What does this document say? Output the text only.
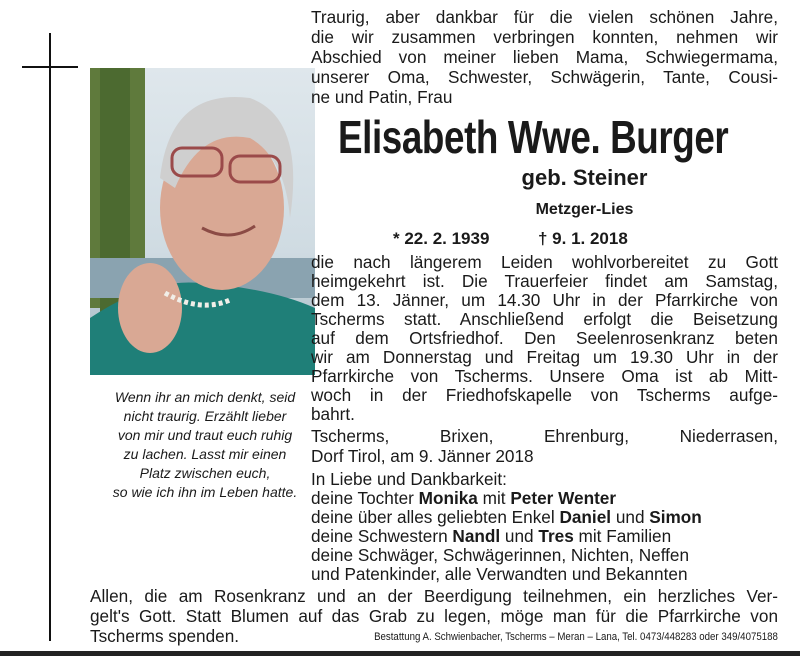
Traurig, aber dankbar für die vielen schönen Jahre,
die wir zusammen verbringen konnten, nehmen wir
Abschied von meiner lieben Mama, Schwiegermama,
unserer Oma, Schwester, Schwägerin, Tante, Cousi-
ne und Patin, Frau
Elisabeth Wwe. Burger
geb. Steiner
Metzger-Lies
* 22. 2. 1939	† 9. 1. 2018
die nach längerem Leiden wohlvorbereitet zu Gott
heimgekehrt ist. Die Trauerfeier findet am Samstag,
dem 13. Jänner, um 14.30 Uhr in der Pfarrkirche von
Tscherms statt. Anschließend erfolgt die Beisetzung
auf dem Ortsfriedhof. Den Seelenrosenkranz beten
wir am Donnerstag und Freitag um 19.30 Uhr in der
Pfarrkirche von Tscherms. Unsere Oma ist ab Mitt-
woch in der Friedhofskapelle von Tscherms aufge-
bahrt.
Tscherms, Brixen, Ehrenburg, Niederrasen,
Dorf Tirol, am 9. Jänner 2018
In Liebe und Dankbarkeit:
deine Tochter Monika mit Peter Wenter
deine über alles geliebten Enkel Daniel und Simon
deine Schwestern Nandl und Tres mit Familien
deine Schwäger, Schwägerinnen, Nichten, Neffen
und Patenkinder, alle Verwandten und Bekannten
Allen, die am Rosenkranz und an der Beerdigung teilnehmen, ein herzliches Ver-
gelt's Gott. Statt Blumen auf das Grab zu legen, möge man für die Pfarrkirche von
Tscherms spenden.
Wenn ihr an mich denkt, seid
nicht traurig. Erzählt lieber
von mir und traut euch ruhig
zu lachen. Lasst mir einen
Platz zwischen euch,
so wie ich ihn im Leben hatte.
Bestattung A. Schwienbacher, Tscherms – Meran – Lana, Tel. 0473/448283 oder 349/4075188
